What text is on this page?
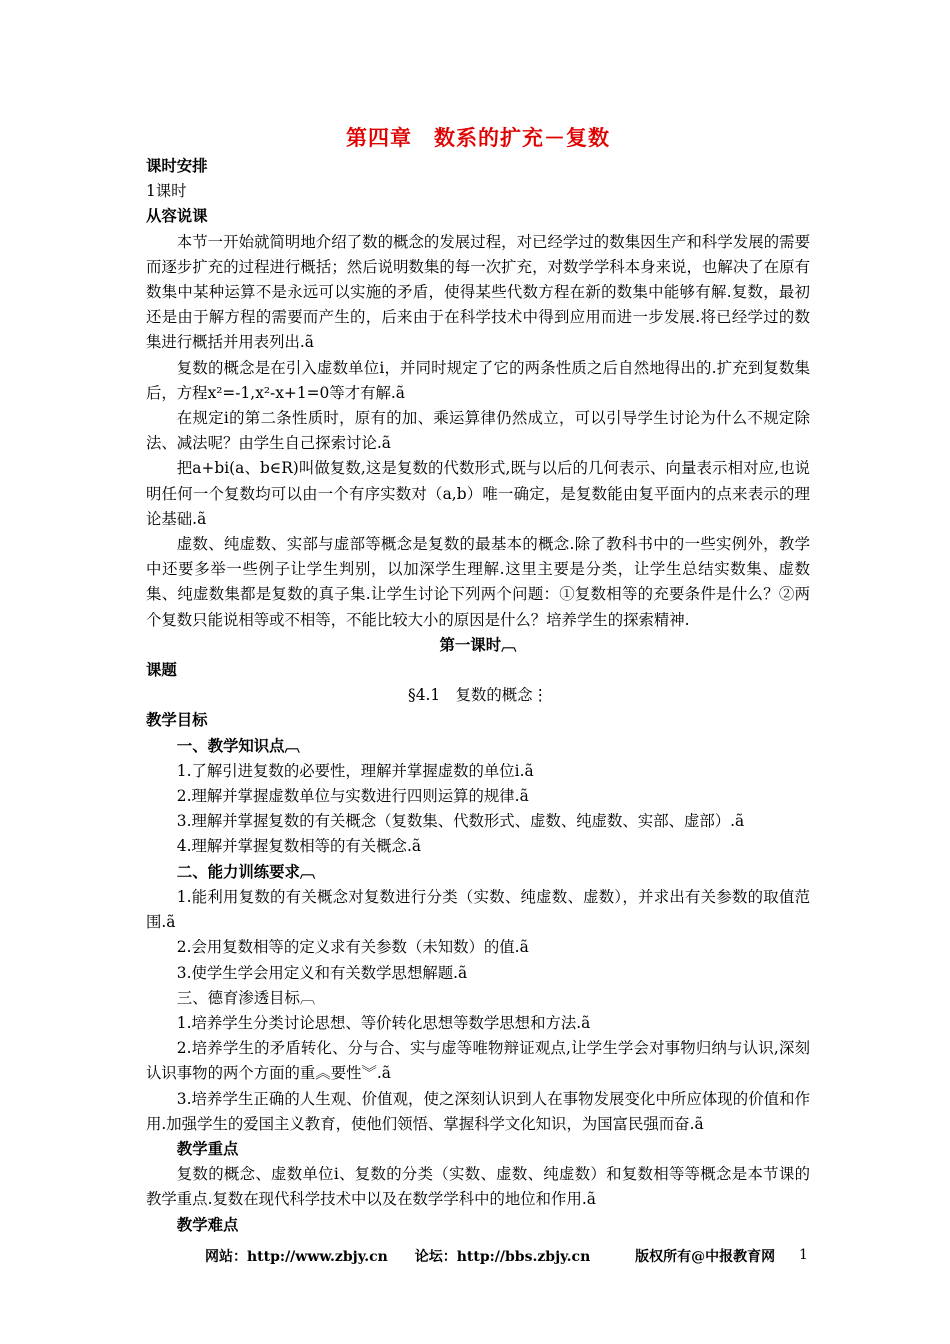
第四章　数系的扩充－复数
课时安排
1课时
从容说课

本节一开始就简明地介绍了数的概念的发展过程，对已经学过的数集因生产和科学发展的需要而逐步扩充的过程进行概括；然后说明数集的每一次扩充，对数学学科本身来说，也解决了在原有数集中某种运算不是永远可以实施的矛盾，使得某些代数方程在新的数集中能够有解.复数，最初还是由于解方程的需要而产生的，后来由于在科学技术中得到应用而进一步发展.将已经学过的数集进行概括并用表列出.ã

复数的概念是在引入虚数单位i，并同时规定了它的两条性质之后自然地得出的.扩充到复数集后，方程x²=-1,x²-x+1=0等才有解.ã

在规定i的第二条性质时，原有的加、乘运算律仍然成立，可以引导学生讨论为什么不规定除法、减法呢？由学生自己探索讨论.ã

把a+bi(a、b∈R)叫做复数,这是复数的代数形式,既与以后的几何表示、向量表示相对应,也说明任何一个复数均可以由一个有序实数对（a,b）唯一确定，是复数能由复平面内的点来表示的理论基础.ã

虚数、纯虚数、实部与虚部等概念是复数的最基本的概念.除了教科书中的一些实例外，教学中还要多举一些例子让学生判别，以加深学生理解.这里主要是分类，让学生总结实数集、虚数集、纯虚数集都是复数的真子集.让学生讨论下列两个问题：①复数相等的充要条件是什么？②两个复数只能说相等或不相等，不能比较大小的原因是什么？培养学生的探索精神.

第一课时︹
课题
§4.1　复数的概念⋮
教学目标
一、教学知识点︹
1.了解引进复数的必要性，理解并掌握虚数的单位i.ã
2.理解并掌握虚数单位与实数进行四则运算的规律.ã
3.理解并掌握复数的有关概念（复数集、代数形式、虚数、纯虚数、实部、虚部）.ã
4.理解并掌握复数相等的有关概念.ã
二、能力训练要求︹

1.能利用复数的有关概念对复数进行分类（实数、纯虚数、虚数），并求出有关参数的取值范围.ã

2.会用复数相等的定义求有关参数（未知数）的值.ã
3.使学生学会用定义和有关数学思想解题.ã
三、德育渗透目标︹
1.培养学生分类讨论思想、等价转化思想等数学思想和方法.ã

2.培养学生的矛盾转化、分与合、实与虚等唯物辩证观点,让学生学会对事物归纳与认识,深刻认识事物的两个方面的重︽要性︾.ã

3.培养学生正确的人生观、价值观，使之深刻认识到人在事物发展变化中所应体现的价值和作用.加强学生的爱国主义教育，使他们领悟、掌握科学文化知识，为国富民强而奋.ã

教学重点

复数的概念、虚数单位i、复数的分类（实数、虚数、纯虚数）和复数相等等概念是本节课的教学重点.复数在现代科学技术中以及在数学学科中的地位和作用.ã

教学难点
网站：http://www.zbjy.cn 论坛：http://bbs.zbjy.cn	版权所有@中报教育网	1
